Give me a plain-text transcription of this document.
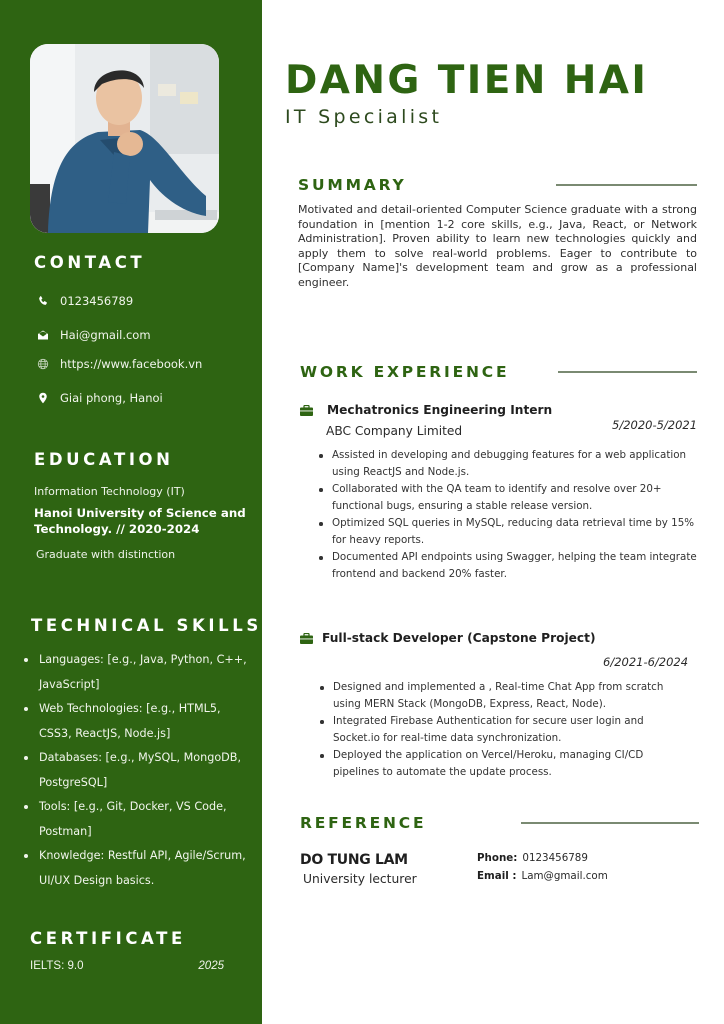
CONTACT
0123456789
Hai@gmail.com
https://www.facebook.vn
Giai phong, Hanoi
EDUCATION
Information Technology (IT)
Hanoi University of Science and Technology. // 2020-2024
Graduate with distinction
TECHNICAL SKILLS
Languages: [e.g., Java, Python, C++, JavaScript]
Web Technologies: [e.g., HTML5, CSS3, ReactJS, Node.js]
Databases: [e.g., MySQL, MongoDB, PostgreSQL]
Tools: [e.g., Git, Docker, VS Code, Postman]
Knowledge: Restful API, Agile/Scrum, UI/UX Design basics.
CERTIFICATE
IELTS: 9.0	2025
DANG TIEN HAI
IT Specialist
SUMMARY

Motivated and detail-oriented Computer Science graduate with a strong foundation in [mention 1-2 core skills, e.g., Java, React, or Network Administration]. Proven ability to learn new technologies quickly and apply them to solve real-world problems. Eager to contribute to [Company Name]'s development team and grow as a professional engineer.

WORK EXPERIENCE
Mechatronics Engineering Intern
ABC Company Limited	5/2020-5/2021
Assisted in developing and debugging features for a web application using ReactJS and Node.js.
Collaborated with the QA team to identify and resolve over 20+ functional bugs, ensuring a stable release version.
Optimized SQL queries in MySQL, reducing data retrieval time by 15% for heavy reports.
Documented API endpoints using Swagger, helping the team integrate frontend and backend 20% faster.
Full-stack Developer (Capstone Project)
6/2021-6/2024
Designed and implemented a , Real-time Chat App from scratch using MERN Stack (MongoDB, Express, React, Node).
Integrated Firebase Authentication for secure user login and Socket.io for real-time data synchronization.
Deployed the application on Vercel/Heroku, managing CI/CD pipelines to automate the update process.
REFERENCE
DO TUNG LAM
University lecturer
Phone: 0123456789
Email : Lam@gmail.com
